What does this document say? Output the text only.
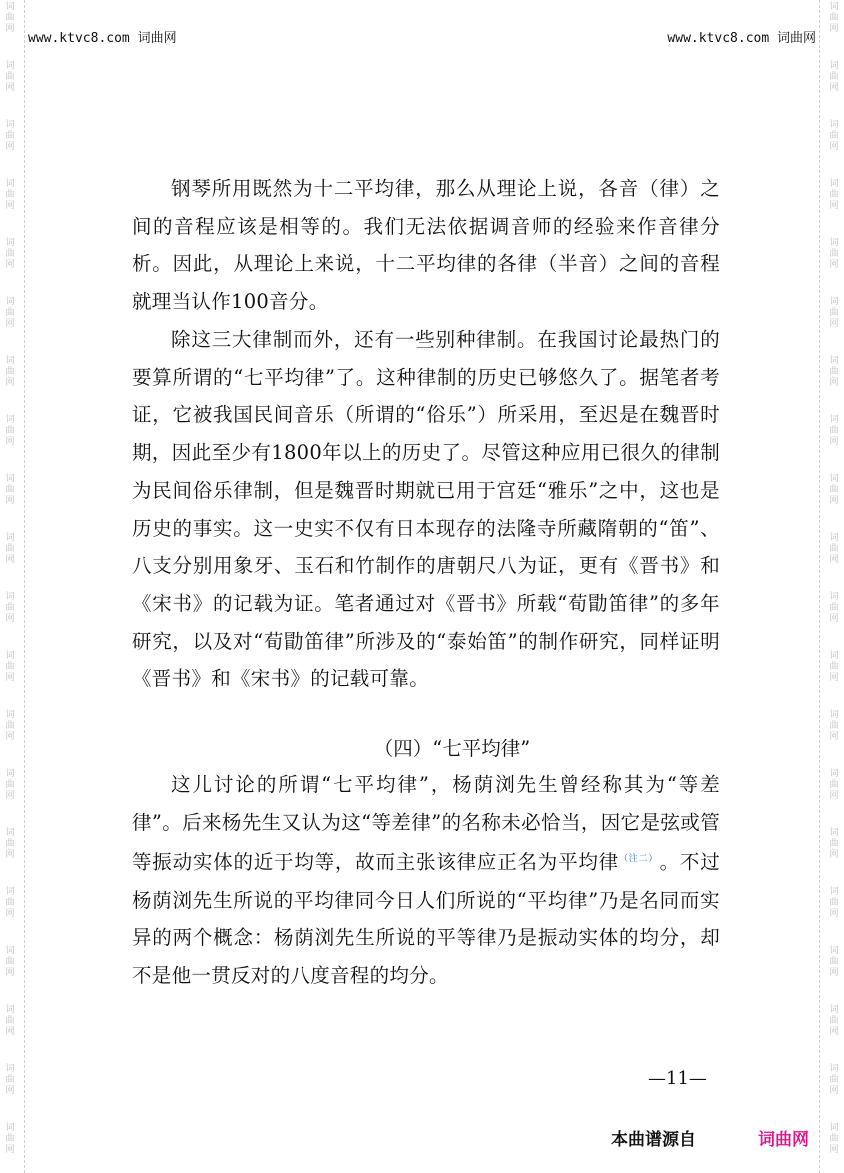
词
曲
网
词
曲
网
词
曲
网
词
曲
网
词
曲
网
词
曲
网
词
曲
网
词
曲
网
词
曲
网
词
曲
网
词
曲
网
词
曲
网
词
曲
网
词
曲
网
词
曲
网
词
曲
网
词
曲
网
词
曲
网
词
曲
网
词
曲
网
词
曲
网
词
曲
网
词
曲
网
词
曲
网
词
曲
网
词
曲
网
词
曲
网
词
曲
网
词
曲
网
词
曲
网
词
曲
网
词
曲
网
词
曲
网
词
曲
网
词
曲
网
词
曲
网
词
曲
网
词
曲
网
词
曲
网
词
曲
网
www.ktvc8.com 词曲网	www.ktvc8.com 词曲网

钢琴所用既然为十二平均律，那么从理论上说，各音（律）之间的音程应该是相等的。我们无法依据调音师的经验来作音律分析。因此，从理论上来说，十二平均律的各律（半音）之间的音程就理当认作100音分。

除这三大律制而外，还有一些别种律制。在我国讨论最热门的要算所谓的“七平均律”了。这种律制的历史已够悠久了。据笔者考证，它被我国民间音乐（所谓的“俗乐”）所采用，至迟是在魏晋时期，因此至少有1800年以上的历史了。尽管这种应用已很久的律制为民间俗乐律制，但是魏晋时期就已用于宫廷“雅乐”之中，这也是历史的事实。这一史实不仅有日本现存的法隆寺所藏隋朝的“笛”、八支分别用象牙、玉石和竹制作的唐朝尺八为证，更有《晋书》和《宋书》的记载为证。笔者通过对《晋书》所载“荀勖笛律”的多年研究，以及对“荀勖笛律”所涉及的“泰始笛”的制作研究，同样证明《晋书》和《宋书》的记载可靠。

（四）“七平均律”

这儿讨论的所谓“七平均律”，杨荫浏先生曾经称其为“等差律”。后来杨先生又认为这“等差律”的名称未必恰当，因它是弦或管等振动实体的近于均等，故而主张该律应正名为平均律$^{(注二)}$ 。不过杨荫浏先生所说的平均律同今日人们所说的“平均律”乃是名同而实异的两个概念：杨荫浏先生所说的平等律乃是振动实体的均分，却不是他一贯反对的八度音程的均分。

—11—
本曲谱源自	词曲网
